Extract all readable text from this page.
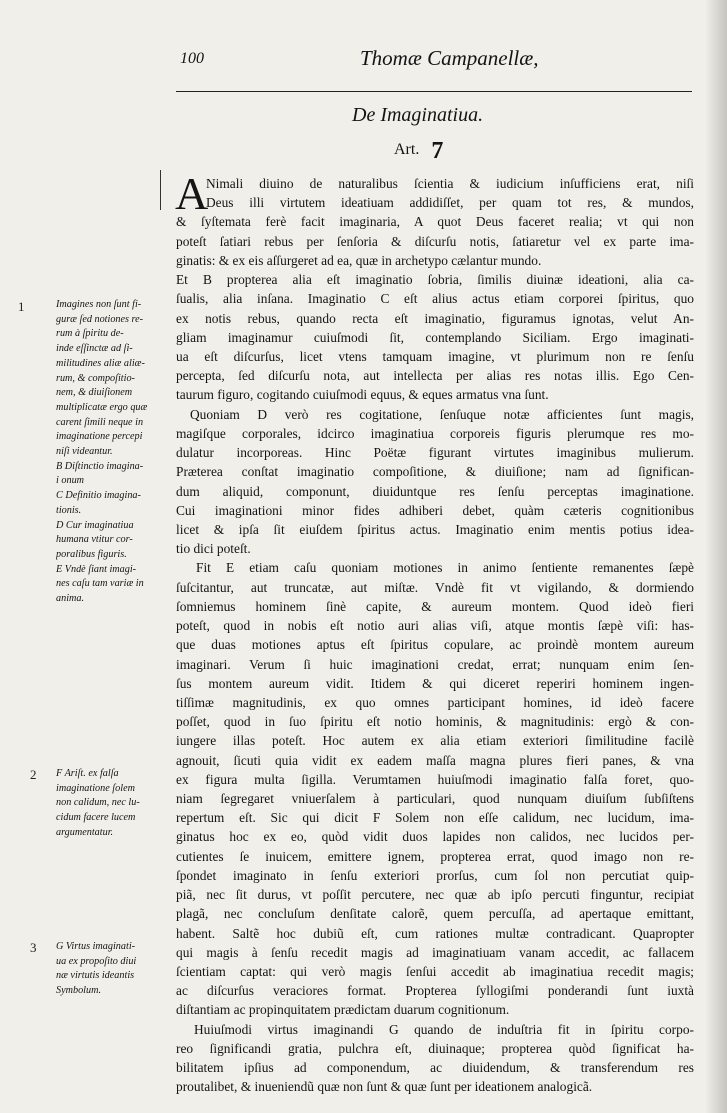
100	Thomæ Campanellæ,
De Imaginatiua.
Art. 7
A
Nimali diuino de naturalibus ſcientia & iudicium inſufficiens erat, niſi
Deus illi virtutem ideatiuam addidiſſet, per quam tot res, & mundos,
& ſyſtemata ferè facit imaginaria, A quot Deus faceret realia; vt qui non
poteſt ſatiari rebus per ſenſoria & diſcurſu notis, ſatiaretur vel ex parte ima-
ginatis: & ex eis aſſurgeret ad ea, quæ in archetypo cælantur mundo.
Et B propterea alia eſt imaginatio ſobria, ſimilis diuinæ ideationi, alia ca-
ſualis, alia inſana. Imaginatio C eſt alius actus etiam corporei ſpiritus, quo
ex notis rebus, quando recta eſt imaginatio, figuramus ignotas, velut An-
gliam imaginamur cuiuſmodi ſit, contemplando Siciliam. Ergo imaginati-
ua eſt diſcurſus, licet vtens tamquam imagine, vt plurimum non re ſenſu
percepta, ſed diſcurſu nota, aut intellecta per alias res notas illis. Ego Cen-
taurum figuro, cogitando cuiuſmodi equus, & eques armatus vna ſunt.
Quoniam D verò res cogitatione, ſenſuque notæ afficientes ſunt magis,
magiſque corporales, idcirco imaginatiua corporeis figuris plerumque res mo-
dulatur incorporeas. Hinc Poëtæ figurant virtutes imaginibus mulierum.
Præterea conſtat imaginatio compoſitione, & diuiſione; nam ad ſignifican-
dum aliquid, componunt, diuiduntque res ſenſu perceptas imaginatione.
Cui imaginationi minor fides adhiberi debet, quàm cæteris cognitionibus
licet & ipſa ſit eiuſdem ſpiritus actus. Imaginatio enim mentis potius idea-
tio dici poteſt.
Fit E etiam caſu quoniam motiones in animo ſentiente remanentes ſæpè
ſuſcitantur, aut truncatæ, aut miſtæ. Vndè fit vt vigilando, & dormiendo
ſomniemus hominem ſinè capite, & aureum montem. Quod ideò fieri
poteſt, quod in nobis eſt notio auri alias viſi, atque montis ſæpè viſi: has-
que duas motiones aptus eſt ſpiritus copulare, ac proindè montem aureum
imaginari. Verum ſi huic imaginationi credat, errat; nunquam enim ſen-
ſus montem aureum vidit. Itidem & qui diceret reperiri hominem ingen-
tiſſimæ magnitudinis, ex quo omnes participant homines, id ideò facere
poſſet, quod in ſuo ſpiritu eſt notio hominis, & magnitudinis: ergò & con-
iungere illas poteſt. Hoc autem ex alia etiam exteriori ſimilitudine facilè
agnouit, ſicuti quia vidit ex eadem maſſa magna plures fieri panes, & vna
ex figura multa ſigilla. Verumtamen huiuſmodi imaginatio falſa foret, quo-
niam ſegregaret vniuerſalem à particulari, quod nunquam diuiſum ſubſiſtens
repertum eſt. Sic qui dicit F Solem non eſſe calidum, nec lucidum, ima-
ginatus hoc ex eo, quòd vidit duos lapides non calidos, nec lucidos per-
cutientes ſe inuicem, emittere ignem, propterea errat, quod imago non re-
ſpondet imaginato in ſenſu exteriori prorſus, cum ſol non percutiat quip-
piã, nec ſit durus, vt poſſit percutere, nec quæ ab ipſo percuti finguntur, recipiat
plagã, nec concluſum denſitate calorẽ, quem percuſſa, ad apertaque emittant,
habent. Saltẽ hoc dubiũ eſt, cum rationes multæ contradicant. Quapropter
qui magis à ſenſu recedit magis ad imaginatiuam vanam accedit, ac fallacem
ſcientiam captat: qui verò magis ſenſui accedit ab imaginatiua recedit magis;
ac diſcurſus veraciores format. Propterea ſyllogiſmi ponderandi ſunt iuxtà
diſtantiam ac propinquitatem prædictam duarum cognitionum.
Huiuſmodi virtus imaginandi G quando de induſtria fit in ſpiritu corpo-
reo ſignificandi gratia, pulchra eſt, diuinaque; propterea quòd ſignificat ha-
bilitatem ipſius ad componendum, ac diuidendum, & transferendum res
proutalibet, & inueniendũ quæ non ſunt & quæ ſunt per ideationem analogicã.
1
2
3
Imagines non ſunt fi-
guræ ſed notiones re-
rum à ſpiritu de-
inde eſſinctæ ad ſi-
militudines aliæ aliæ-
rum, & compoſitio-
nem, & diuiſionem
multiplicatæ ergo quæ
carent ſimili neque in
imaginatione percepi
niſi videantur.
B Diſtinctio imagina-
i onum
C Definitio imagina-
tionis.
D Cur imaginatiua
humana vtitur cor-
poralibus figuris.
E Vndè ſiant imagi-
nes caſu tam variæ in
anima.
F Ariſt. ex falſa
imaginatione ſolem
non calidum, nec lu-
cidum facere lucem
argumentatur.
G Virtus imaginati-
ua ex propoſito diui
næ virtutis ideantis
Symbolum.
